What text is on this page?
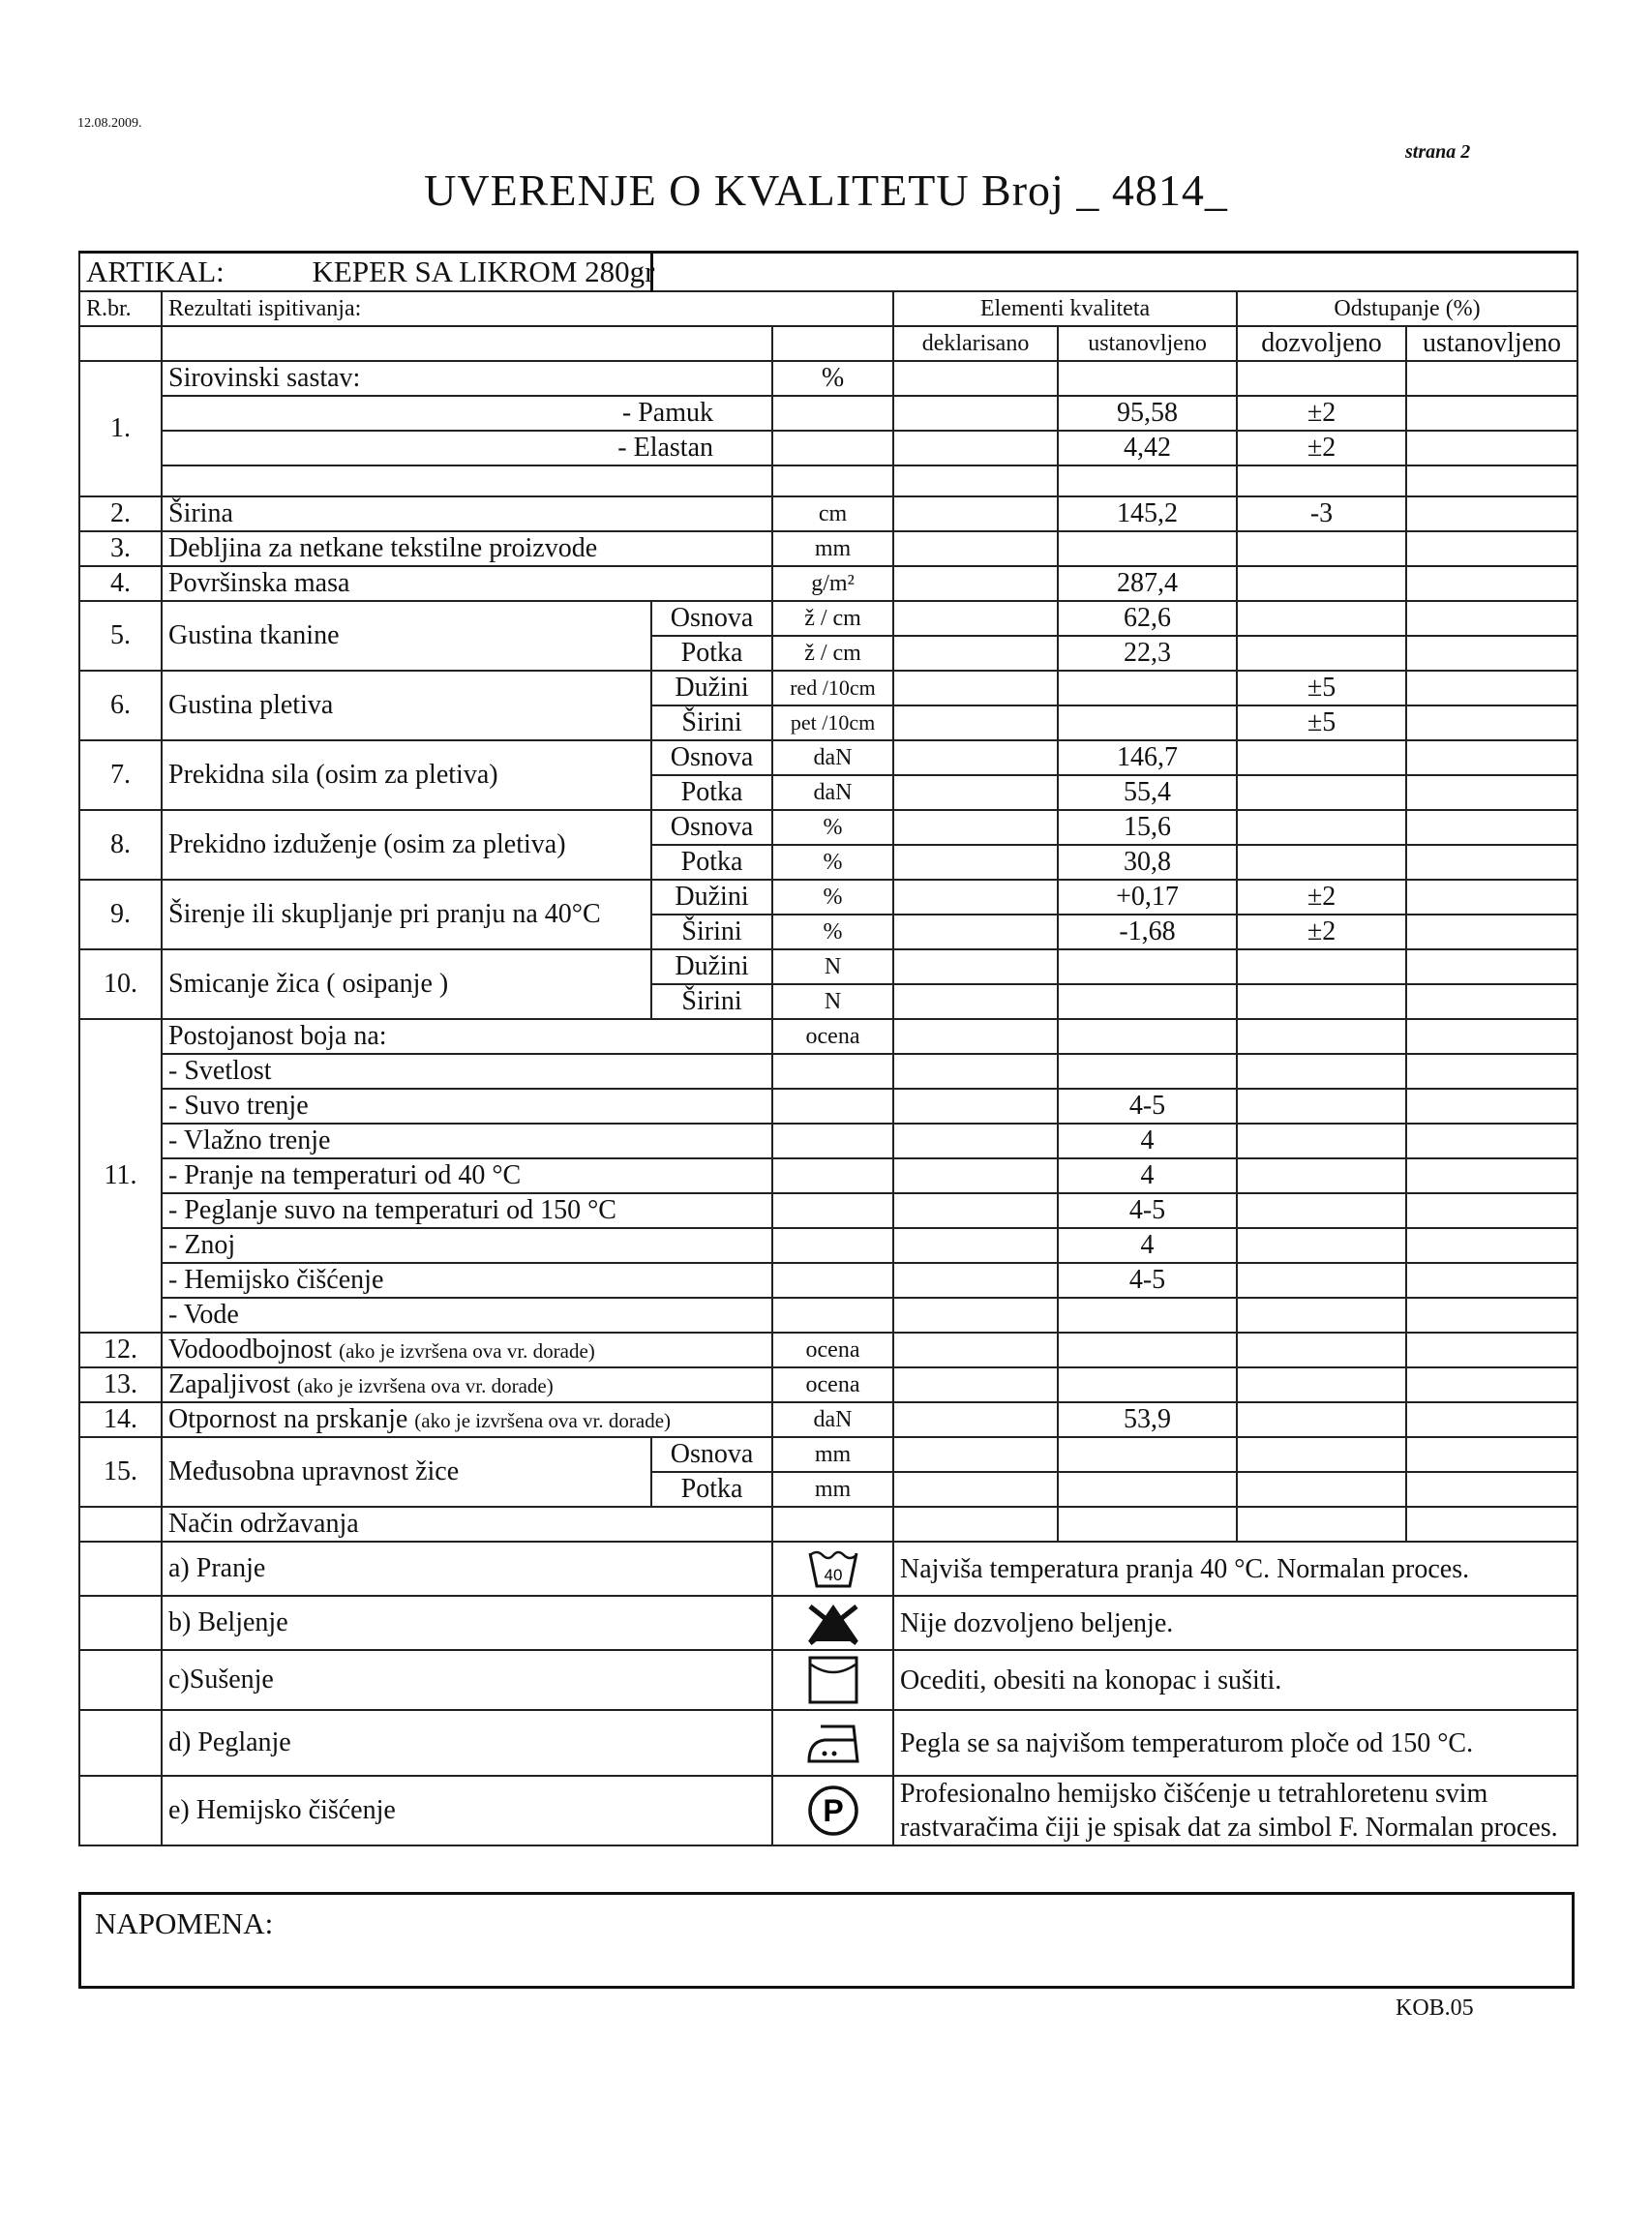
12.08.2009.
strana 2
UVERENJE O KVALITETU Broj _ 4814_
ARTIKAL:		KEPER SA LIKROM 280gr					
R.br.	Rezultati ispitivanja:			Elementi kvaliteta		Odstupanje (%)	
				deklarisano	ustanovljeno	dozvoljeno	ustanovljeno
1.	Sirovinski sastav:		%				
	- Pamuk				95,58	±2	
	- Elastan				4,42	±2	

2.	Širina		cm		145,2	-3	
3.	Debljina za netkane tekstilne proizvode		mm				
4.	Površinska masa		g/m²		287,4		
5.	Gustina tkanine	Osnova	ž / cm		62,6		
		Potka	ž / cm		22,3		
6.	Gustina pletiva	Dužini	red /10cm			±5	
		Širini	pet /10cm			±5	
7.	Prekidna sila (osim za pletiva)	Osnova	daN		146,7		
		Potka	daN		55,4		
8.	Prekidno izduženje (osim za pletiva)	Osnova	%		15,6		
		Potka	%		30,8		
9.	Širenje ili skupljanje pri pranju na 40°C	Dužini	%		+0,17	±2	
		Širini	%		-1,68	±2	
10.	Smicanje žica ( osipanje )	Dužini	N				
		Širini	N				
11.	Postojanost boja na:		ocena				
	- Svetlost						
	- Suvo trenje				4-5		
	- Vlažno trenje				4		
	- Pranje na temperaturi od 40 °C				4		
	- Peglanje suvo na temperaturi od 150 °C				4-5		
	- Znoj				4		
	- Hemijsko čišćenje				4-5		
	- Vode						
12.	Vodoodbojnost (ako je izvršena ova vr. dorade)		ocena				
13.	Zapaljivost (ako je izvršena ova vr. dorade)		ocena				
14.	Otpornost na prskanje (ako je izvršena ova vr. dorade)		daN		53,9		
15.	Međusobna upravnost žice	Osnova	mm				
		Potka	mm				
	Način održavanja						
	a) Pranje		40	Najviša temperatura pranja 40 °C. Normalan proces.			
	b) Beljenje			Nije dozvoljeno beljenje.			
	c)Sušenje			Ocediti, obesiti na konopac i sušiti.			
	d) Peglanje			Pegla se sa najvišom temperaturom ploče od 150 °C.			
	e) Hemijsko čišćenje		P	Profesionalno hemijsko čišćenje u tetrahloretenu svim rastvaračima čiji je spisak dat za simbol F. Normalan proces.			
NAPOMENA:
KOB.05
